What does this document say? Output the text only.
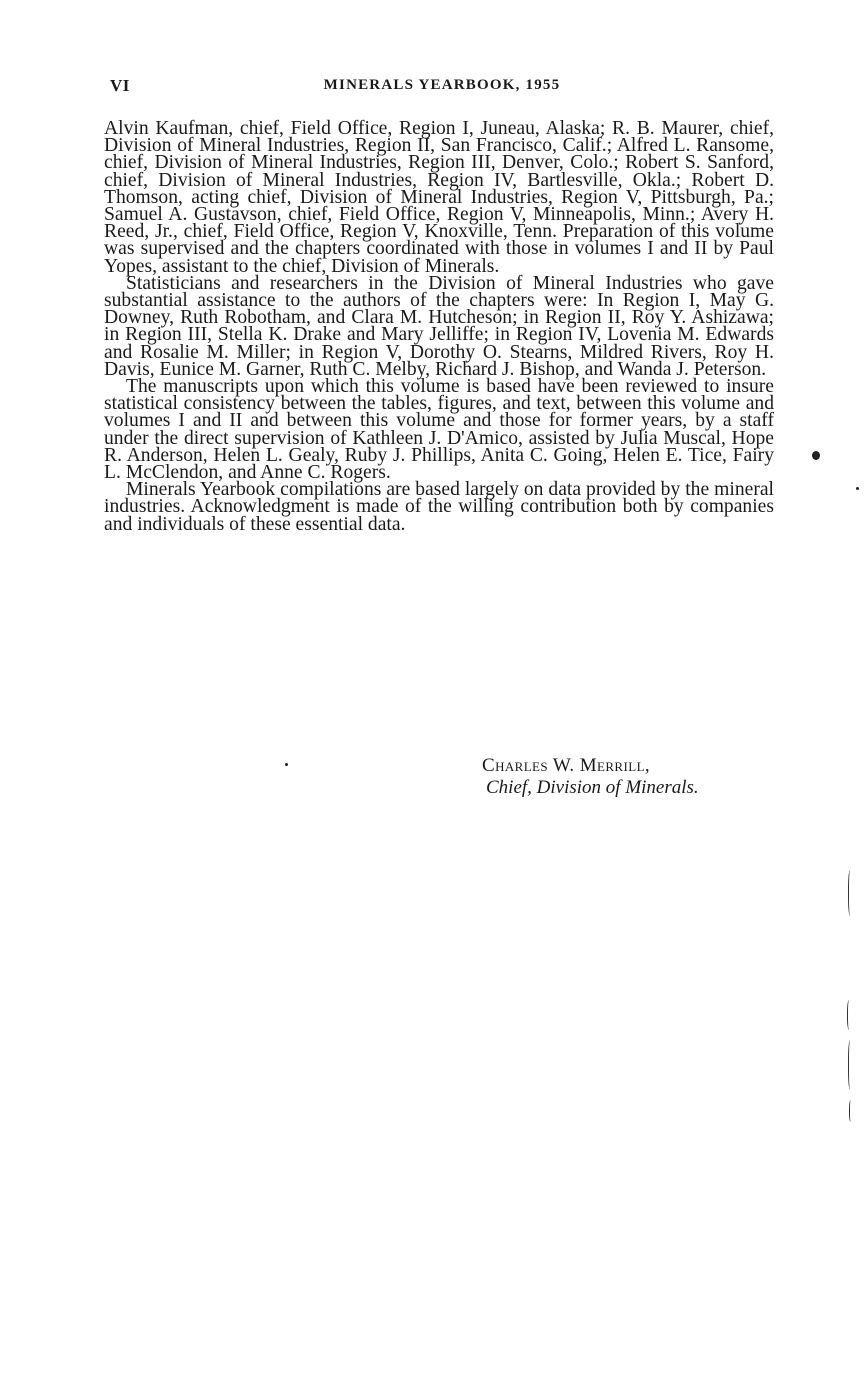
VI	MINERALS YEARBOOK, 1955

Alvin Kaufman, chief, Field Office, Region I, Juneau, Alaska; R. B. Maurer, chief, Division of Mineral Industries, Region II, San Francisco, Calif.; Alfred L. Ransome, chief, Division of Mineral Industries, Region III, Denver, Colo.; Robert S. Sanford, chief, Division of Mineral Industries, Region IV, Bartlesville, Okla.; Robert D. Thomson, acting chief, Division of Mineral Industries, Region V, Pittsburgh, Pa.; Samuel A. Gustavson, chief, Field Office, Region V, Minneapolis, Minn.; Avery H. Reed, Jr., chief, Field Office, Region V, Knoxville, Tenn. Preparation of this volume was supervised and the chapters coordinated with those in volumes I and II by Paul Yopes, assistant to the chief, Division of Minerals.

Statisticians and researchers in the Division of Mineral Industries who gave substantial assistance to the authors of the chapters were: In Region I, May G. Downey, Ruth Robotham, and Clara M. Hutcheson; in Region II, Roy Y. Ashizawa; in Region III, Stella K. Drake and Mary Jelliffe; in Region IV, Lovenia M. Edwards and Rosalie M. Miller; in Region V, Dorothy O. Stearns, Mildred Rivers, Roy H. Davis, Eunice M. Garner, Ruth C. Melby, Richard J. Bishop, and Wanda J. Peterson.

The manuscripts upon which this volume is based have been reviewed to insure statistical consistency between the tables, figures, and text, between this volume and volumes I and II and between this volume and those for former years, by a staff under the direct supervision of Kathleen J. D'Amico, assisted by Julia Muscal, Hope R. Anderson, Helen L. Gealy, Ruby J. Phillips, Anita C. Going, Helen E. Tice, Fairy L. McClendon, and Anne C. Rogers.

Minerals Yearbook compilations are based largely on data provided by the mineral industries. Acknowledgment is made of the willing contribution both by companies and individuals of these essential data.

Charles W. Merrill,
Chief, Division of Minerals.
